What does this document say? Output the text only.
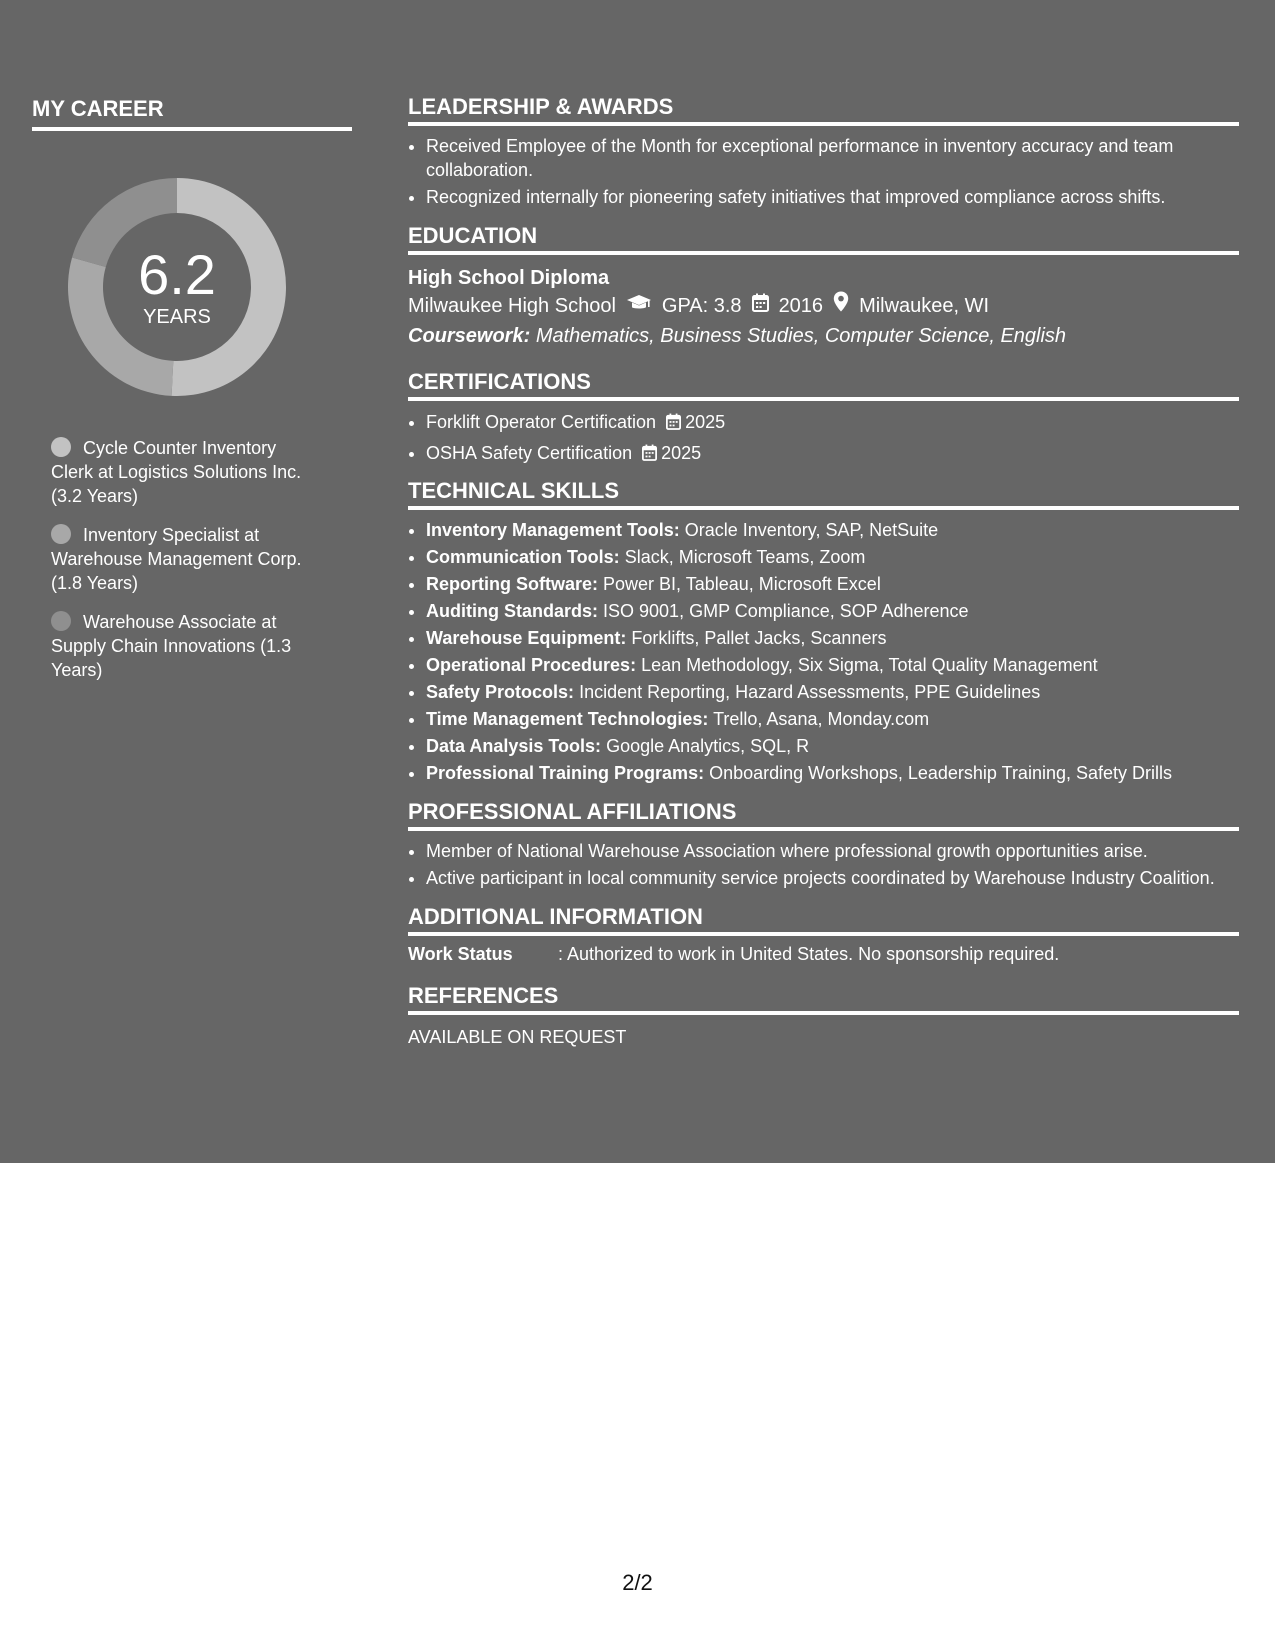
MY CAREER
6.2
YEARS
Cycle Counter Inventory Clerk at Logistics Solutions Inc. (3.2 Years)
Inventory Specialist at Warehouse Management Corp. (1.8 Years)
Warehouse Associate at Supply Chain Innovations (1.3 Years)
LEADERSHIP & AWARDS
• Received Employee of the Month for exceptional performance in inventory accuracy and team collaboration.
• Recognized internally for pioneering safety initiatives that improved compliance across shifts.
EDUCATION
High School Diploma
Milwaukee High School GPA: 3.8 2016 Milwaukee, WI
Coursework: Mathematics, Business Studies, Computer Science, English
CERTIFICATIONS
• Forklift Operator Certification 2025
• OSHA Safety Certification 2025
TECHNICAL SKILLS
• Inventory Management Tools: Oracle Inventory, SAP, NetSuite
• Communication Tools: Slack, Microsoft Teams, Zoom
• Reporting Software: Power BI, Tableau, Microsoft Excel
• Auditing Standards: ISO 9001, GMP Compliance, SOP Adherence
• Warehouse Equipment: Forklifts, Pallet Jacks, Scanners
• Operational Procedures: Lean Methodology, Six Sigma, Total Quality Management
• Safety Protocols: Incident Reporting, Hazard Assessments, PPE Guidelines
• Time Management Technologies: Trello, Asana, Monday.com
• Data Analysis Tools: Google Analytics, SQL, R
• Professional Training Programs: Onboarding Workshops, Leadership Training, Safety Drills
PROFESSIONAL AFFILIATIONS
• Member of National Warehouse Association where professional growth opportunities arise.
• Active participant in local community service projects coordinated by Warehouse Industry Coalition.
ADDITIONAL INFORMATION
Work Status	: Authorized to work in United States. No sponsorship required.
REFERENCES
AVAILABLE ON REQUEST
2/2
